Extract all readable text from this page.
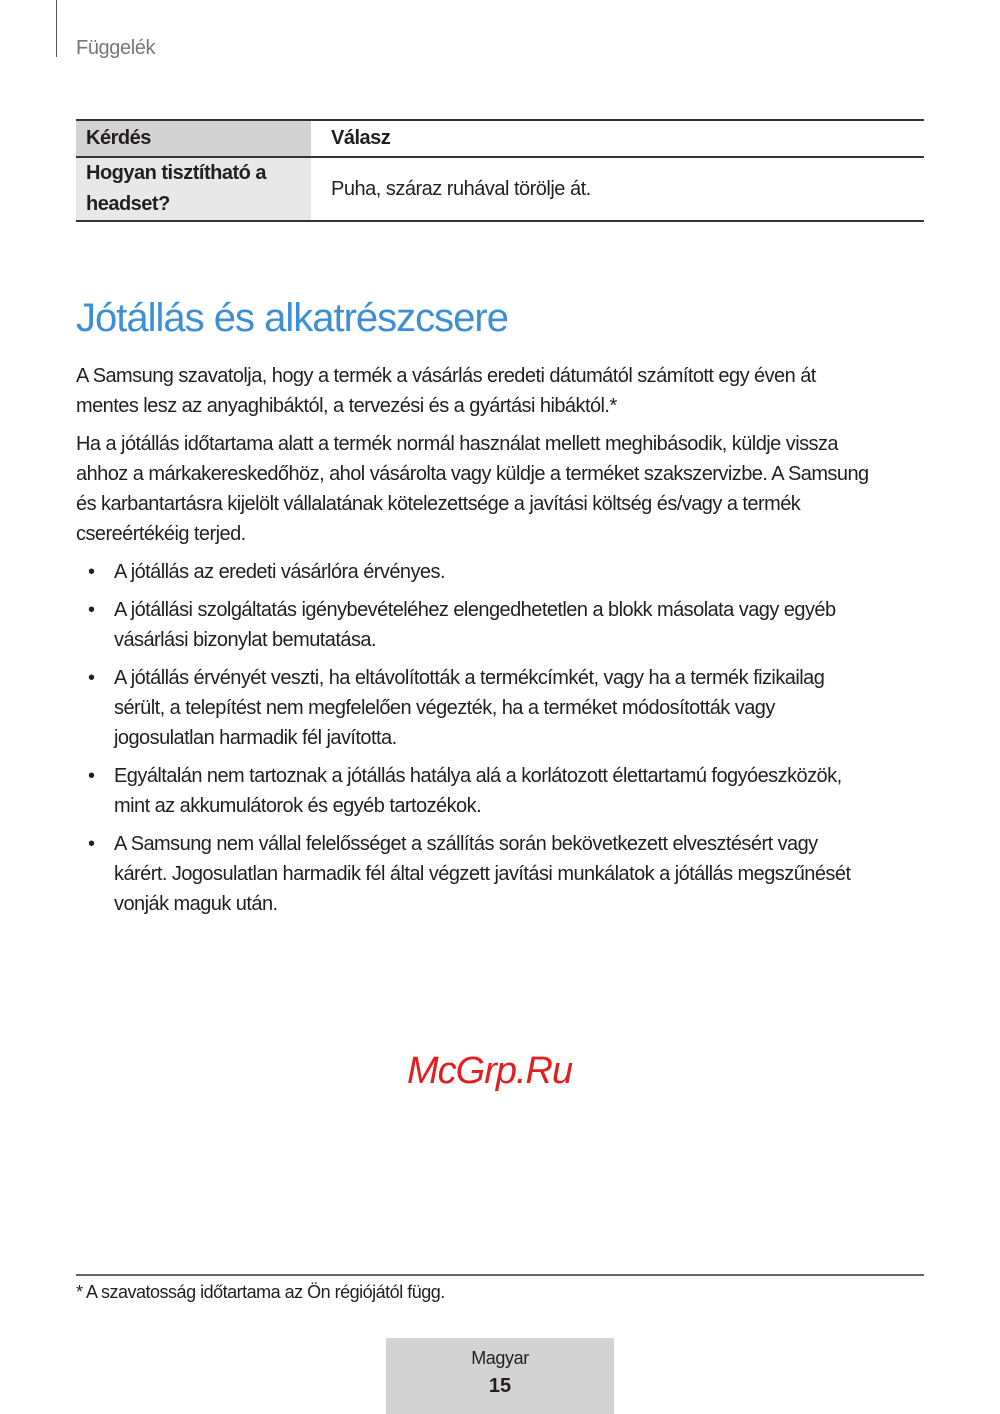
Függelék
Kérdés	Válasz

Hogyan tisztítható a
headset?	Puha, száraz ruhával törölje át.
Jótállás és alkatrészcsere

A Samsung szavatolja, hogy a termék a vásárlás eredeti dátumától számított egy éven át
mentes lesz az anyaghibáktól, a tervezési és a gyártási hibáktól.*

Ha a jótállás időtartama alatt a termék normál használat mellett meghibásodik, küldje vissza
ahhoz a márkakereskedőhöz, ahol vásárolta vagy küldje a terméket szakszervizbe. A Samsung
és karbantartásra kijelölt vállalatának kötelezettsége a javítási költség és/vagy a termék
csereértékéig terjed.

• A jótállás az eredeti vásárlóra érvényes.
• A jótállási szolgáltatás igénybevételéhez elengedhetetlen a blokk másolata vagy egyéb
vásárlási bizonylat bemutatása.
• A jótállás érvényét veszti, ha eltávolították a termékcímkét, vagy ha a termék fizikailag
sérült, a telepítést nem megfelelően végezték, ha a terméket módosították vagy
jogosulatlan harmadik fél javította.
• Egyáltalán nem tartoznak a jótállás hatálya alá a korlátozott élettartamú fogyóeszközök,
mint az akkumulátorok és egyéb tartozékok.
• A Samsung nem vállal felelősséget a szállítás során bekövetkezett elvesztésért vagy
kárért. Jogosulatlan harmadik fél által végzett javítási munkálatok a jótállás megszűnését
vonják maguk után.
McGrp.Ru
* A szavatosság időtartama az Ön régiójától függ.
Magyar
15
